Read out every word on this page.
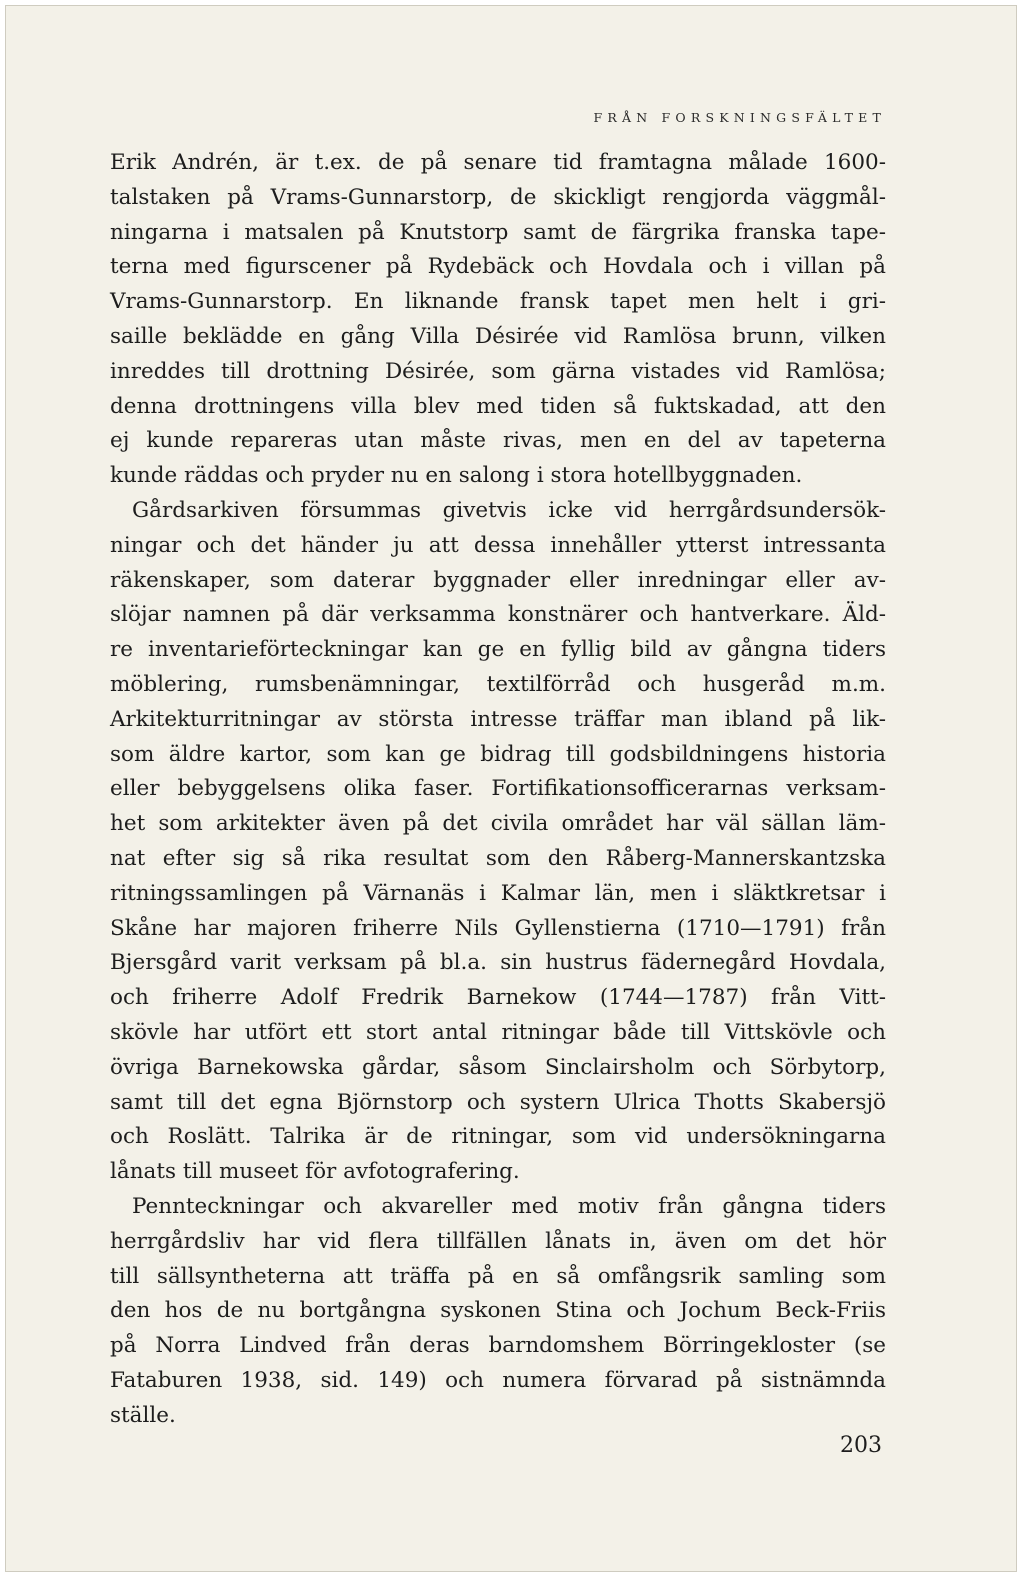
FRÅN FORSKNINGSFÄLTET
Erik Andrén, är t.ex. de på senare tid framtagna målade 1600-
talstaken på Vrams-Gunnarstorp, de skickligt rengjorda väggmål-
ningarna i matsalen på Knutstorp samt de färgrika franska tape-
terna med figurscener på Rydebäck och Hovdala och i villan på
Vrams-Gunnarstorp. En liknande fransk tapet men helt i gri-
saille beklädde en gång Villa Désirée vid Ramlösa brunn, vilken
inreddes till drottning Désirée, som gärna vistades vid Ramlösa;
denna drottningens villa blev med tiden så fuktskadad, att den
ej kunde repareras utan måste rivas, men en del av tapeterna
kunde räddas och pryder nu en salong i stora hotellbyggnaden.
Gårdsarkiven försummas givetvis icke vid herrgårdsundersök-
ningar och det händer ju att dessa innehåller ytterst intressanta
räkenskaper, som daterar byggnader eller inredningar eller av-
slöjar namnen på där verksamma konstnärer och hantverkare. Äld-
re inventarieförteckningar kan ge en fyllig bild av gångna tiders
möblering, rumsbenämningar, textilförråd och husgeråd m.m.
Arkitekturritningar av största intresse träffar man ibland på lik-
som äldre kartor, som kan ge bidrag till godsbildningens historia
eller bebyggelsens olika faser. Fortifikationsofficerarnas verksam-
het som arkitekter även på det civila området har väl sällan läm-
nat efter sig så rika resultat som den Råberg-Mannerskantzska
ritningssamlingen på Värnanäs i Kalmar län, men i släktkretsar i
Skåne har majoren friherre Nils Gyllenstierna (1710—1791) från
Bjersgård varit verksam på bl.a. sin hustrus fädernegård Hovdala,
och friherre Adolf Fredrik Barnekow (1744—1787) från Vitt-
skövle har utfört ett stort antal ritningar både till Vittskövle och
övriga Barnekowska gårdar, såsom Sinclairsholm och Sörbytorp,
samt till det egna Björnstorp och systern Ulrica Thotts Skabersjö
och Roslätt. Talrika är de ritningar, som vid undersökningarna
lånats till museet för avfotografering.
Pennteckningar och akvareller med motiv från gångna tiders
herrgårdsliv har vid flera tillfällen lånats in, även om det hör
till sällsyntheterna att träffa på en så omfångsrik samling som
den hos de nu bortgångna syskonen Stina och Jochum Beck-Friis
på Norra Lindved från deras barndomshem Börringekloster (se
Fataburen 1938, sid. 149) och numera förvarad på sistnämnda
ställe.
203
